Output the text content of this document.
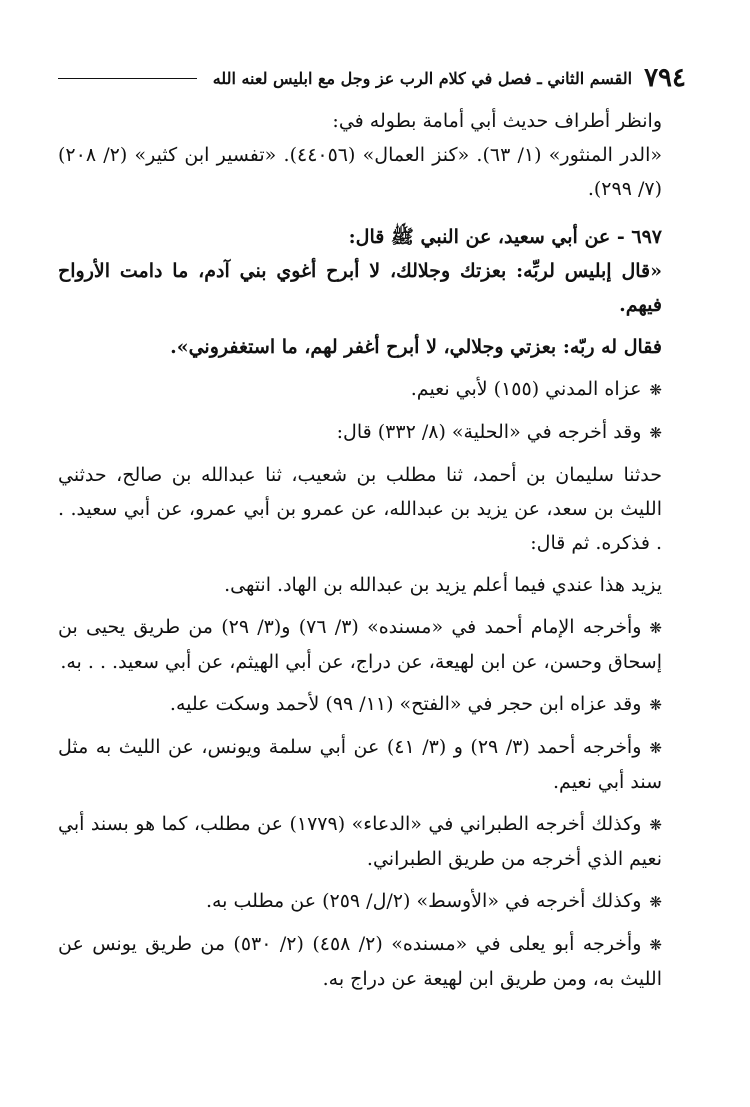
٧٩٤
القسم الثاني ـ فصل في كلام الرب عز وجل مع ابليس لعنه الله

وانظر أطراف حديث أبي أمامة بطوله في:

«الدر المنثور» (١/ ٦٣). «كنز العمال» (٤٤٠٥٦). «تفسير ابن كثير» (٢/ ٢٠٨) (٧/ ٢٩٩).

٦٩٧ - عن أبي سعيد، عن النبي ﷺ قال:

«قال إبليس لربِّه: بعزتك وجلالك، لا أبرح أغوي بني آدم، ما دامت الأرواح فيهم.

فقال له ربّه: بعزتي وجلالي، لا أبرح أغفر لهم، ما استغفروني».

❋عزاه المدني (١٥٥) لأبي نعيم.

❋وقد أخرجه في «الحلية» (٨/ ٣٣٢) قال:

حدثنا سليمان بن أحمد، ثنا مطلب بن شعيب، ثنا عبدالله بن صالح، حدثني الليث بن سعد، عن يزيد بن عبدالله، عن عمرو بن أبي عمرو، عن أبي سعيد. . . فذكره. ثم قال:

يزيد هذا عندي فيما أعلم يزيد بن عبدالله بن الهاد. انتهى.

❋وأخرجه الإمام أحمد في «مسنده» (٣/ ٧٦) و(٣/ ٢٩) من طريق يحيى بن إسحاق وحسن، عن ابن لهيعة، عن دراج، عن أبي الهيثم، عن أبي سعيد. . . به.

❋وقد عزاه ابن حجر في «الفتح» (١١/ ٩٩) لأحمد وسكت عليه.

❋وأخرجه أحمد (٣/ ٢٩) و (٣/ ٤١) عن أبي سلمة ويونس، عن الليث به مثل سند أبي نعيم.

❋وكذلك أخرجه الطبراني في «الدعاء» (١٧٧٩) عن مطلب، كما هو بسند أبي نعيم الذي أخرجه من طريق الطبراني.

❋وكذلك أخرجه في «الأوسط» (٢/ل/ ٢٥٩) عن مطلب به.

❋وأخرجه أبو يعلى في «مسنده» (٢/ ٤٥٨) (٢/ ٥٣٠) من طريق يونس عن الليث به، ومن طريق ابن لهيعة عن دراج به.
